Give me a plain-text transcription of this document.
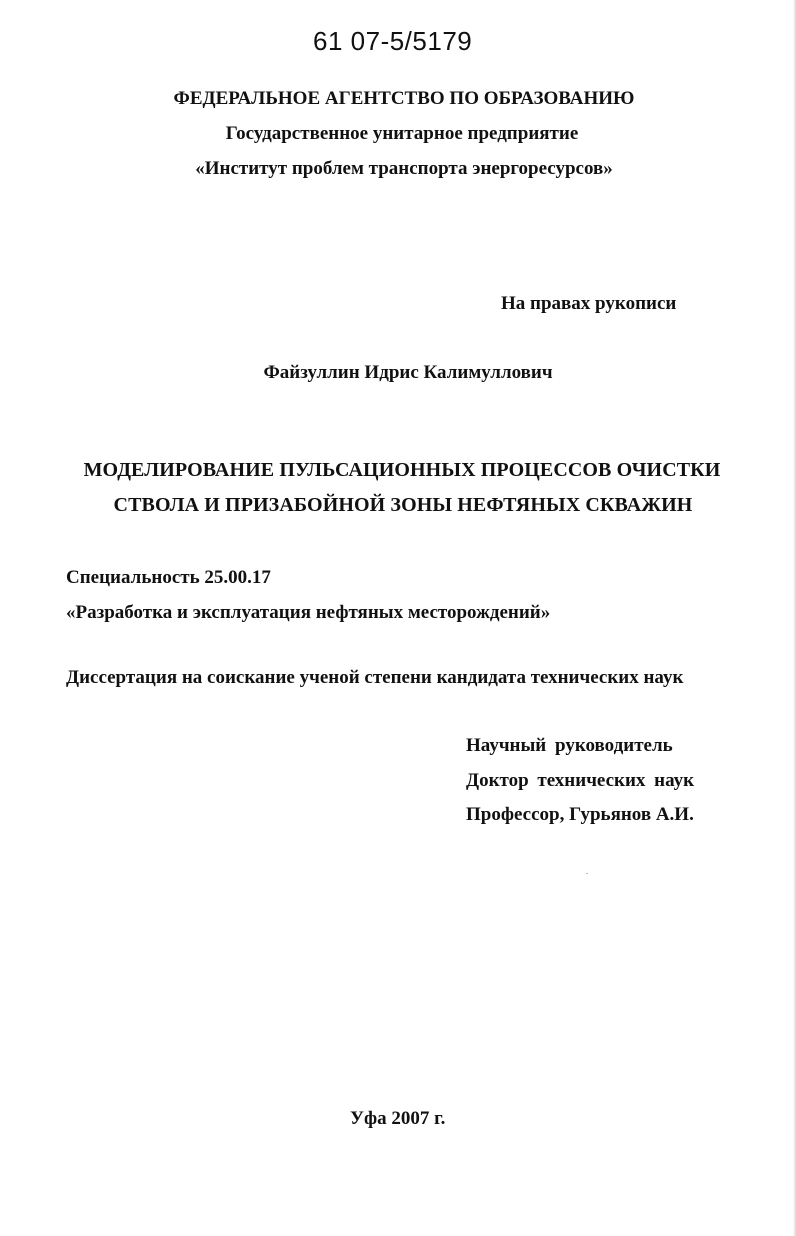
61 07-5/5179
ФЕДЕРАЛЬНОЕ АГЕНТСТВО ПО ОБРАЗОВАНИЮ
Государственное унитарное предприятие
«Институт проблем транспорта энергоресурсов»
На правах рукописи
Файзуллин Идрис Калимуллович
МОДЕЛИРОВАНИЕ ПУЛЬСАЦИОННЫХ ПРОЦЕССОВ ОЧИСТКИ
СТВОЛА И ПРИЗАБОЙНОЙ ЗОНЫ НЕФТЯНЫХ СКВАЖИН
Специальность 25.00.17
«Разработка и эксплуатация нефтяных месторождений»
Диссертация на соискание ученой степени кандидата технических наук
Научный руководитель
Доктор технических наук
Профессор, Гурьянов А.И.
Уфа 2007 г.
